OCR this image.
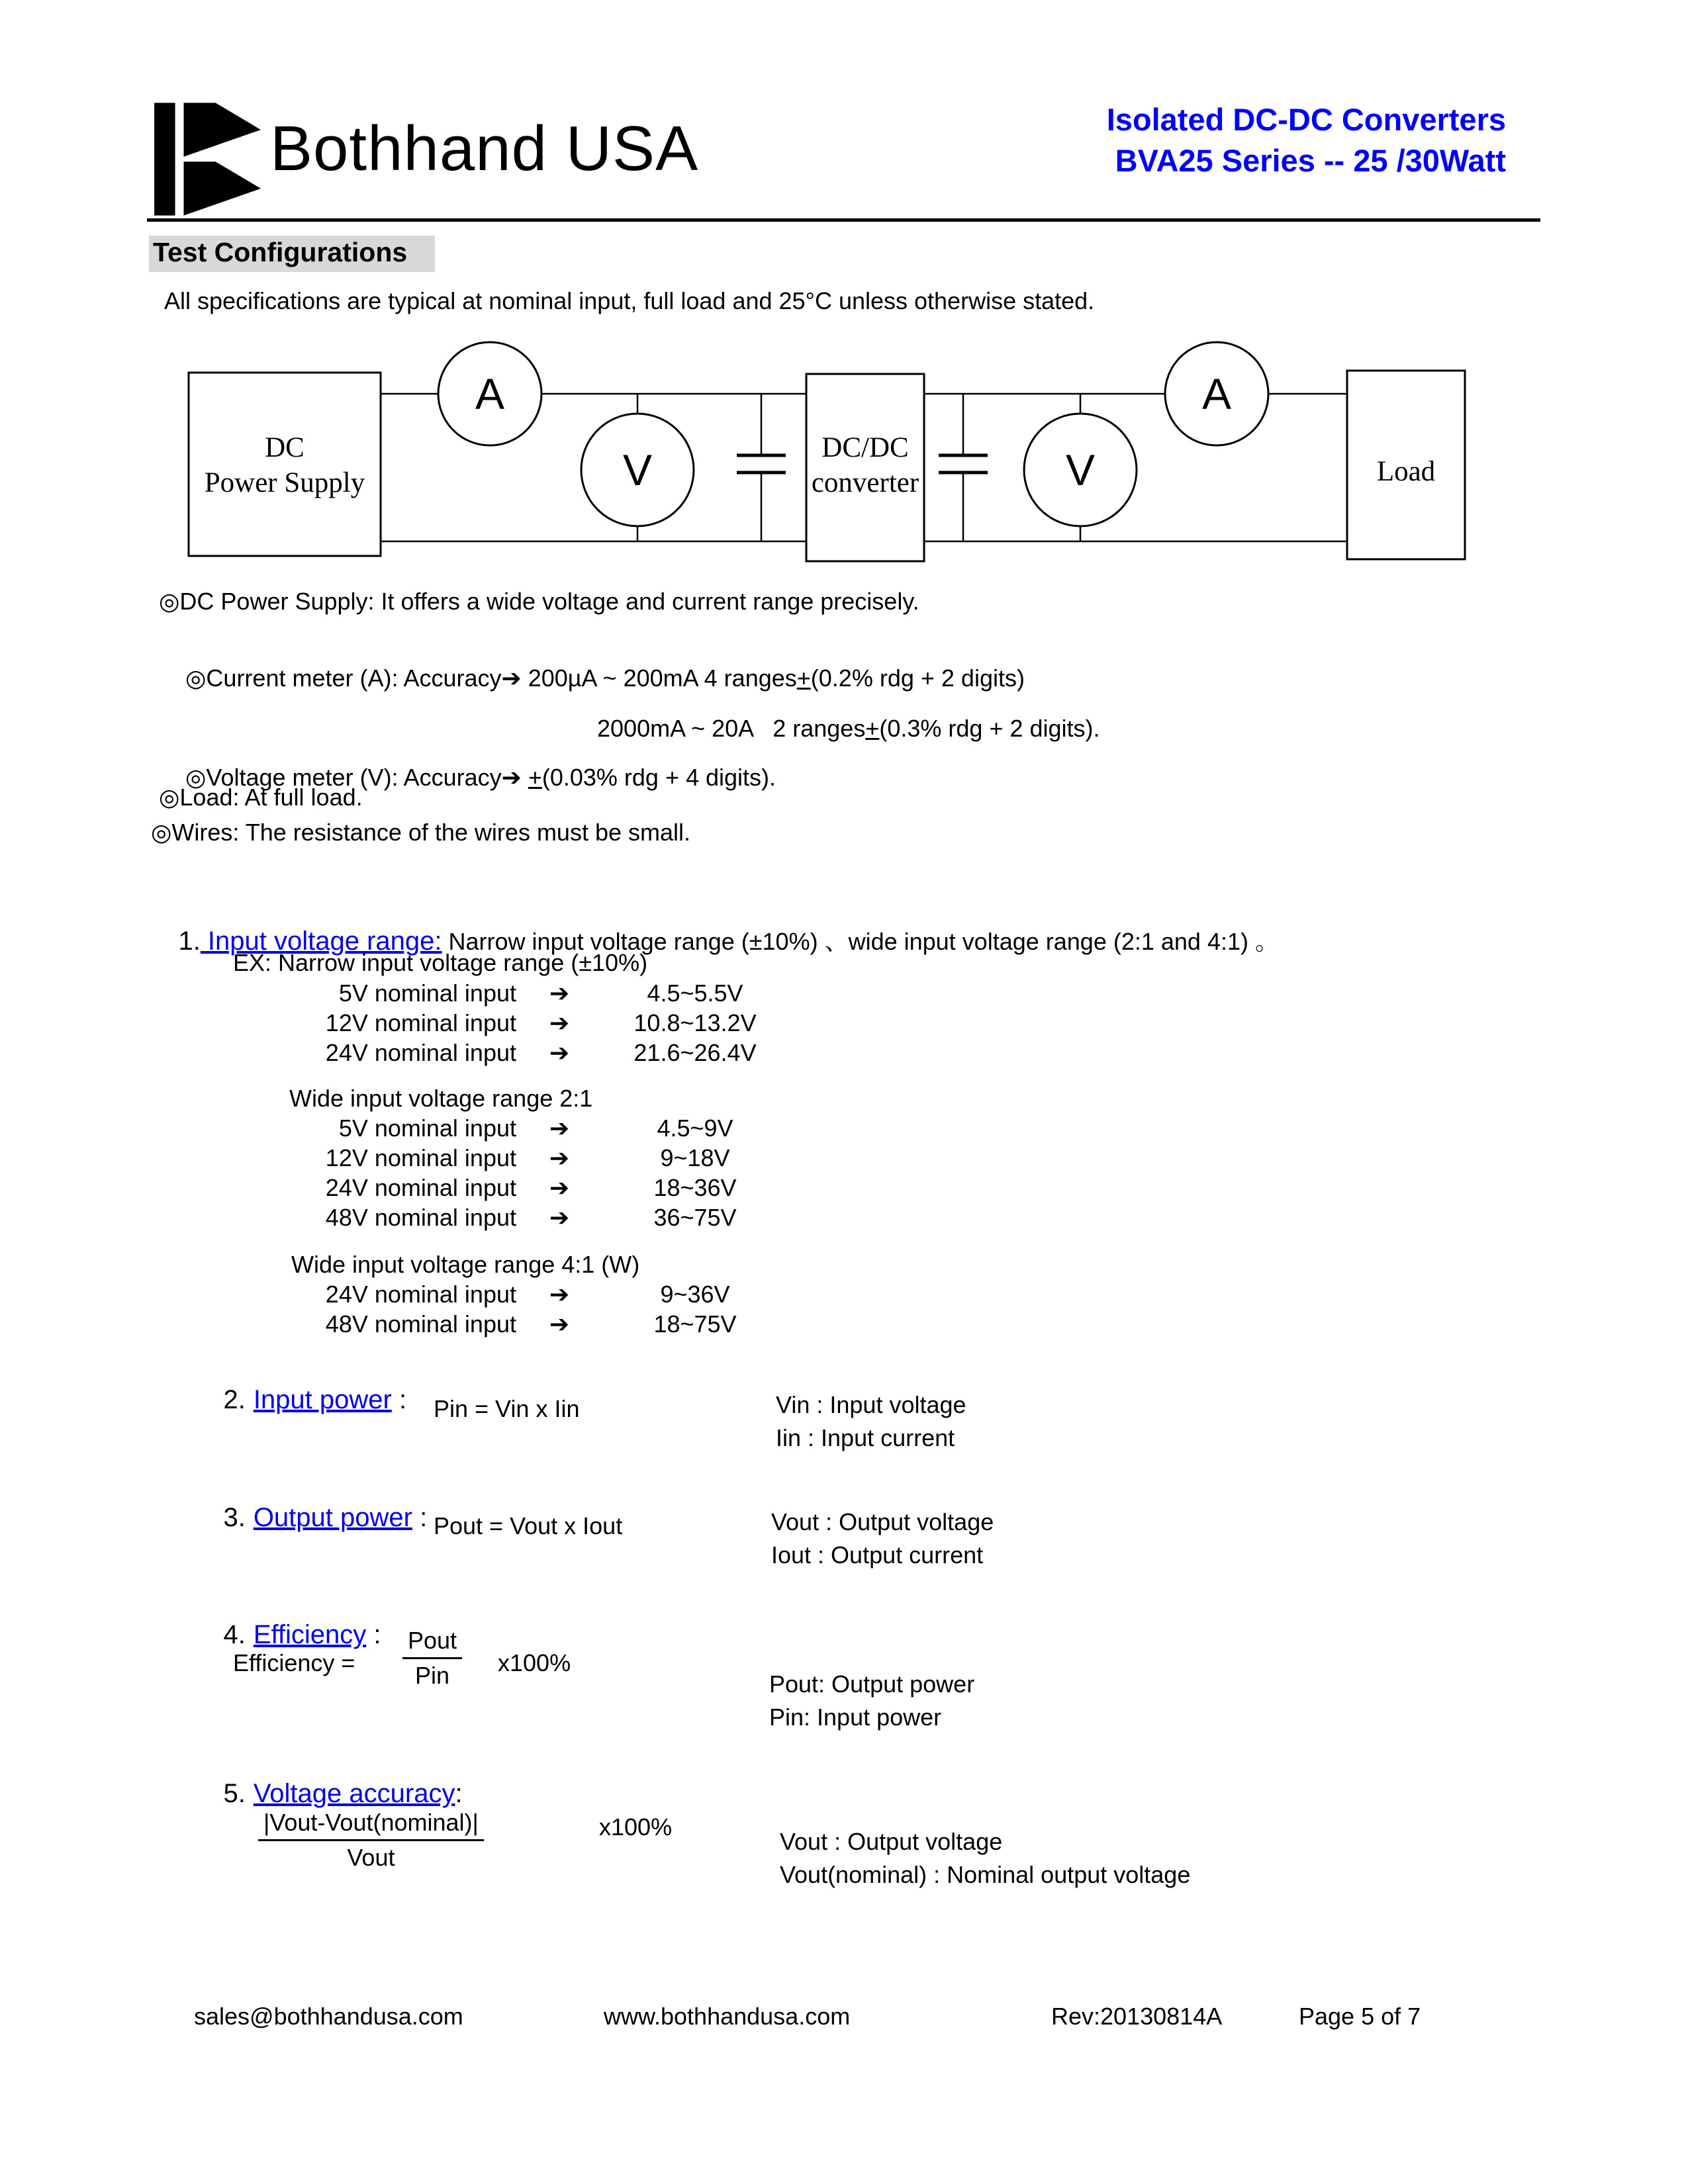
Bothhand USA	Isolated DC-DC Converters
BVA25 Series -- 25 /30Watt
Test Configurations
All specifications are typical at nominal input, full load and 25°C unless otherwise stated.
DC
Power Supply
DC/DC
converter	Load
A
V	V
A
◎DC Power Supply: It offers a wide voltage and current range precisely.

◎Current meter (A): Accuracy➔ 200µA ~ 200mA 4 ranges+(0.2% rdg + 2 digits)

2000mA ~ 20A   2 ranges+(0.3% rdg + 2 digits).

◎Voltage meter (V): Accuracy➔ +(0.03% rdg + 4 digits).

◎Load: At full load.
◎Wires: The resistance of the wires must be small.

1. Input voltage range: Narrow input voltage range (±10%) 、wide input voltage range (2:1 and 4:1) 。

EX: Narrow input voltage range (±10%)
5V nominal input	➔	4.5~5.5V
12V nominal input	➔	10.8~13.2V
24V nominal input	➔	21.6~26.4V
Wide input voltage range 2:1
5V nominal input	➔	4.5~9V
12V nominal input	➔	9~18V
24V nominal input	➔	18~36V
48V nominal input	➔	36~75V
Wide input voltage range 4:1 (W)
24V nominal input	➔	9~36V
48V nominal input	➔	18~75V

2. Input power :
Pin = Vin x Iin	Vin : Input voltage
Iin : Input current

3. Output power :
Pout = Vout x Iout	Vout : Output voltage
Iout : Output current

4. Efficiency :

Efficiency =
Pout
Pin	x100%
Pout: Output power
Pin: Input power

5. Voltage accuracy:

|Vout-Vout(nominal)|
Vout
x100%
Vout : Output voltage
Vout(nominal) : Nominal output voltage
sales@bothhandusa.com	www.bothhandusa.com	Rev:20130814A	Page 5 of 7
